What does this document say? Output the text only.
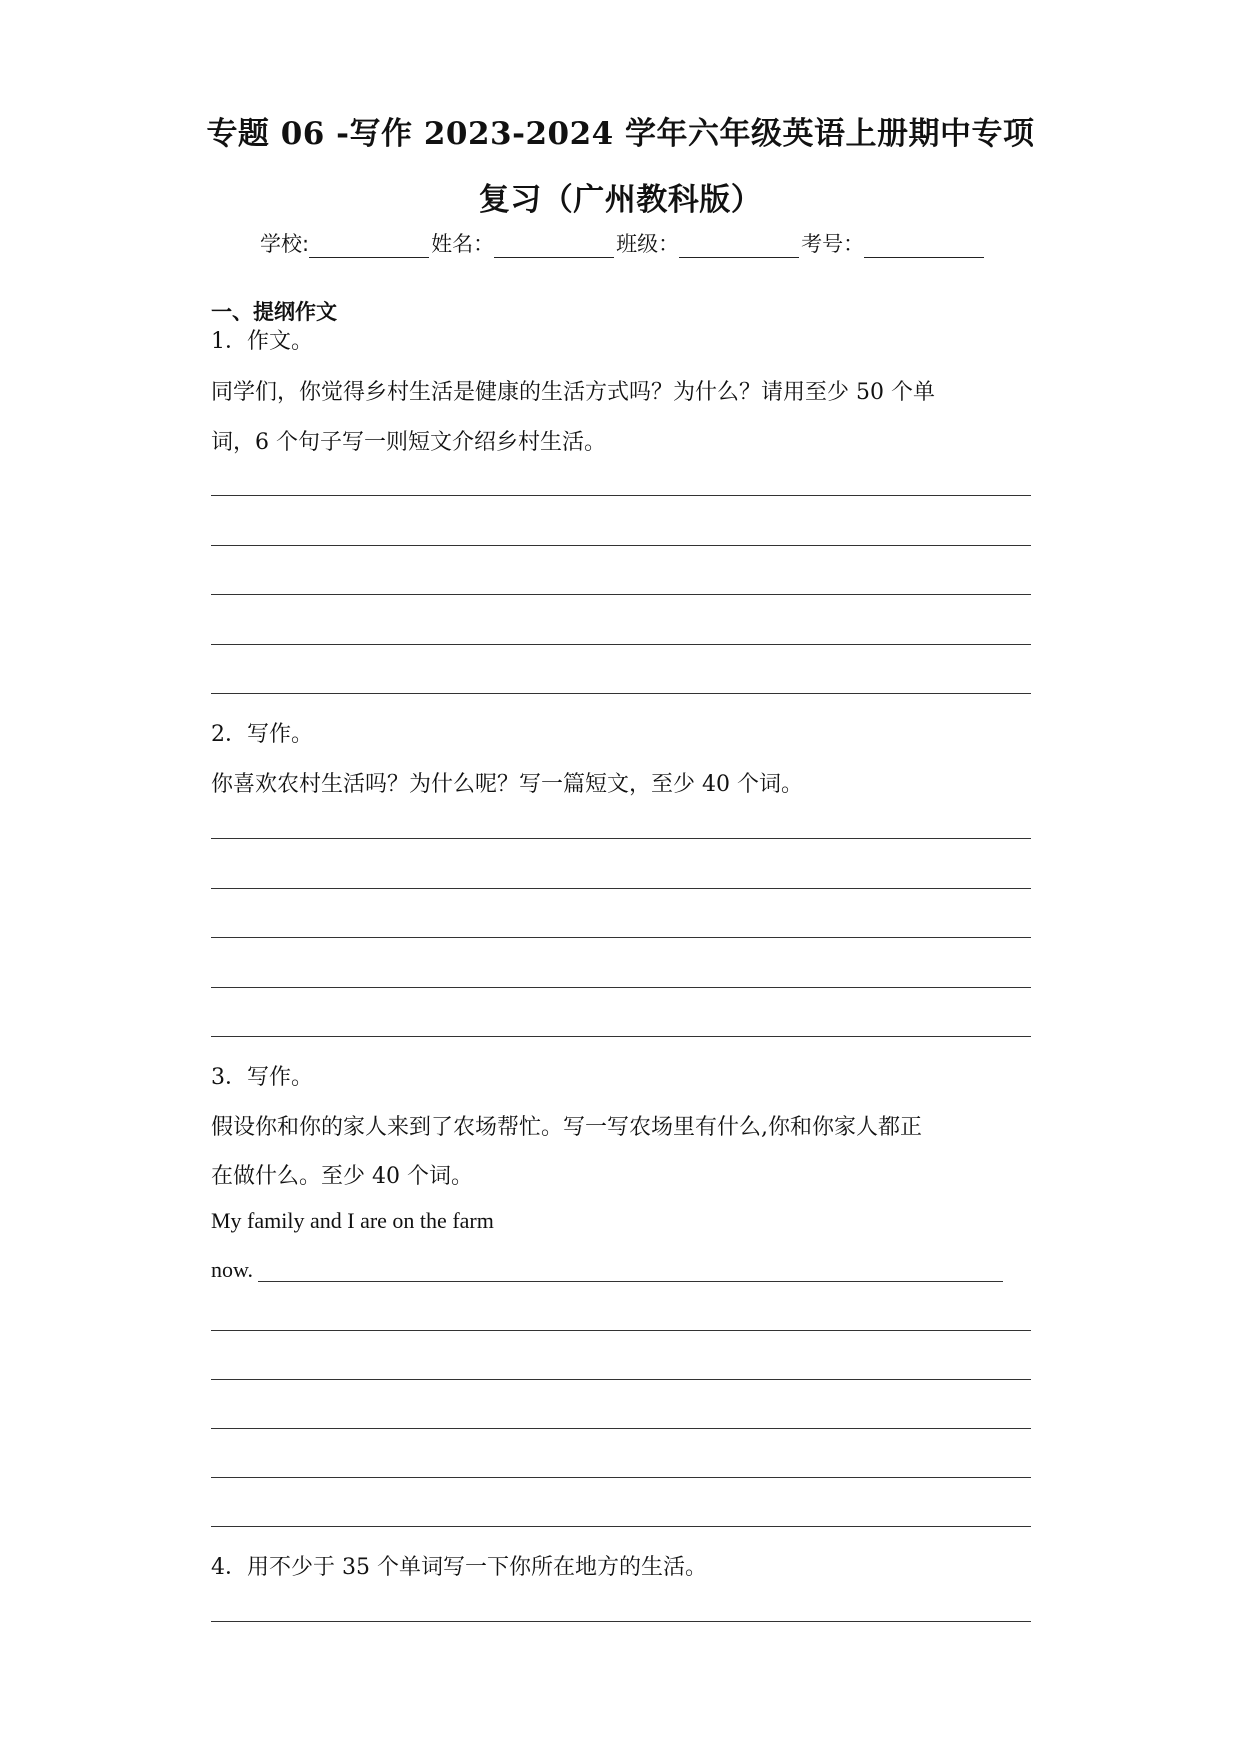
专题 06 -写作 2023-2024 学年六年级英语上册期中专项
复习（广州教科版）
学校:	姓名：	班级：	考号：
一、提纲作文
1．作文。
同学们，你觉得乡村生活是健康的生活方式吗？为什么？请用至少 50 个单
词，6 个句子写一则短文介绍乡村生活。
2．写作。
你喜欢农村生活吗？为什么呢？写一篇短文，至少 40 个词。
3．写作。
假设你和你的家人来到了农场帮忙。写一写农场里有什么,你和你家人都正
在做什么。至少 40 个词。
My family and I are on the farm
now.
4．用不少于 35 个单词写一下你所在地方的生活。
